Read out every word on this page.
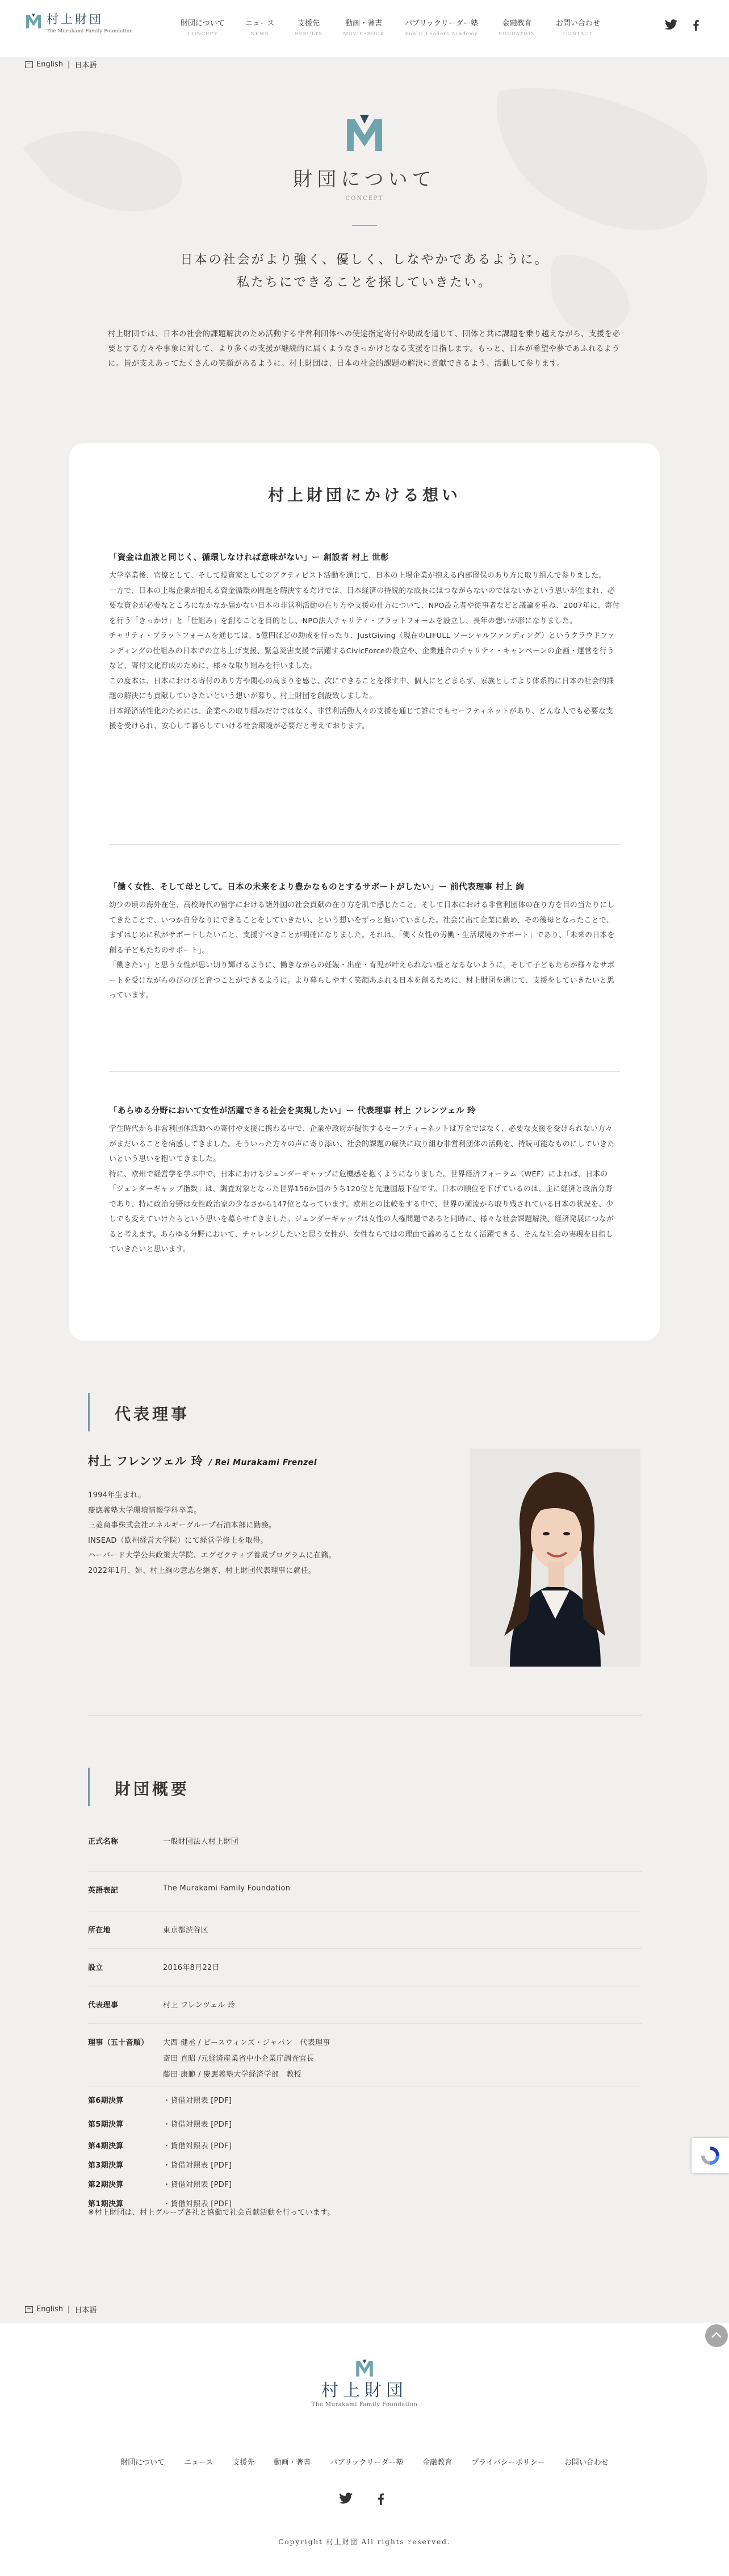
村上財団
The Murakami Family Foundation
財団について
CONCEPT
ニュース
NEWS
支援先
RESULTS
動画・著書
MOVIE•BOOK
パブリックリーダー塾
Public Leaders Academy
金融教育
EDUCATION
お問い合わせ
CONTACT
English | 日本語
財団について
CONCEPT
日本の社会がより強く、優しく、しなやかであるように。
私たちにできることを探していきたい。

村上財団では、日本の社会的課題解決のため活動する非営利団体への使途指定寄付や助成を通じて、団体と共に課題を乗り越えながら、支援を必要とする方々や事象に対して、より多くの支援が継続的に届くようなきっかけとなる支援を目指します。もっと、日本が希望や夢であふれるように。皆が支えあってたくさんの笑顔があるように。村上財団は、日本の社会的課題の解決に貢献できるよう、活動して参ります。

村上財団にかける想い
「資金は血液と同じく、循環しなければ意味がない」ー 創設者 村上 世彰
大学卒業後、官僚として、そして投資家としてのアクティビスト活動を通じて、日本の上場企業が抱える内部留保のあり方に取り組んで参りました。
一方で、日本の上場企業が抱える資金循環の問題を解決するだけでは、日本経済の持続的な成長にはつながらないのではないかという思いが生まれ、必要な資金が必要なところになかなか届かない日本の非営利活動の在り方や支援の仕方について、NPO設立者や従事者などと議論を重ね、2007年に、寄付を行う「きっかけ」と「仕組み」を創ることを目的とし、NPO法人チャリティ・プラットフォームを設立し、長年の想いが形になりました。
チャリティ・プラットフォームを通じては、5億円ほどの助成を行ったり、JustGiving（現在のLIFULL ソーシャルファンディング）というクラウドファンディングの仕組みの日本での立ち上げ支援、緊急災害支援で活躍するCivicForceの設立や、企業連合のチャリティ・キャンペーンの企画・運営を行うなど、寄付文化育成のために、様々な取り組みを行いました。
この度本は、日本における寄付のあり方や関心の高まりを感じ、次にできることを探す中、個人にとどまらず、家族としてより体系的に日本の社会的課題の解決にも貢献していきたいという想いが募り、村上財団を創設致しました。
日本経済活性化のためには、企業への取り組みだけではなく、非営利活動人々の支援を通じて誰にでもセーフティネットがあり、どんな人でも必要な支援を受けられ、安心して暮らしていける社会環境が必要だと考えております。
「働く女性、そして母として。日本の未来をより豊かなものとするサポートがしたい」ー 前代表理事 村上 絢
幼少の頃の海外在住、高校時代の留学における諸外国の社会貢献の在り方を肌で感じたこと。そして日本における非営利団体の在り方を目の当たりにしてきたことで、いつか自分なりにできることをしていきたい、という想いをずっと抱いていました。社会に出て企業に勤め、その後母となったことで、まずはじめに私がサポートしたいこと、支援すべきことが明確になりました。それは、「働く女性の労働・生活環境のサポート」であり、「未来の日本を創る子どもたちのサポート」。
「働きたい」と思う女性が思い切り輝けるように、働きながらの妊娠・出産・育児が叶えられない壁となるないように。そして子どもたちが様々なサポートを受けながらのびのびと育つことができるように。より暮らしやすく笑顔あふれる日本を創るために、村上財団を通じて、支援をしていきたいと思っています。
「あらゆる分野において女性が活躍できる社会を実現したい」ー 代表理事 村上 フレンツェル 玲
学生時代から非営利団体活動への寄付や支援に携わる中で、企業や政府が提供するセーフティーネットは万全ではなく、必要な支援を受けられない方々がまだいることを痛感してきました。そういった方々の声に寄り添い、社会的課題の解決に取り組む非営利団体の活動を、持続可能なものにしていきたいという思いを抱いてきました。
特に、欧州で経営学を学ぶ中で、日本におけるジェンダーギャップに危機感を抱くようになりました。世界経済フォーラム（WEF）によれば、日本の「ジェンダーギャップ指数」は、調査対象となった世界156か国のうち120位と先進国最下位です。日本の順位を下げているのは、主に経済と政治分野であり、特に政治分野は女性政治家の少なさから147位となっています。欧州との比較をする中で、世界の潮流から取り残されている日本の状況を、少しでも変えていけたらという思いを募らせてきました。ジェンダーギャップは女性の人権問題であると同時に、様々な社会課題解決、経済発展につながると考えます。あらゆる分野において、チャレンジしたいと思う女性が、女性ならではの理由で諦めることなく活躍できる、そんな社会の実現を目指していきたいと思います。
代表理事
村上 フレンツェル 玲 / Rei Murakami Frenzel
1994年生まれ。
慶應義塾大学環境情報学科卒業。
三菱商事株式会社エネルギーグループ石油本部に勤務。
INSEAD（欧州経営大学院）にて経営学修士を取得。
ハーバード大学公共政策大学院、エグゼクティブ養成プログラムに在籍。
2022年1月、姉、村上絢の意志を継ぎ、村上財団代表理事に就任。
財団概要
正式名称	一般財団法人村上財団
英語表記	The Murakami Family Foundation
所在地	東京都渋谷区
設立	2016年8月22日
代表理事	村上 フレンツェル 玲
理事（五十音順）	大西 健丞 / ピースウィンズ・ジャパン　代表理事
斎田 直昭 /元経済産業省中小企業庁調査官長
藤田 康範 / 慶應義塾大学経済学部　教授
第6期決算	・貸借対照表 [PDF]
第5期決算	・貸借対照表 [PDF]
第4期決算	・貸借対照表 [PDF]
第3期決算	・貸借対照表 [PDF]
第2期決算	・貸借対照表 [PDF]
第1期決算	・貸借対照表 [PDF]
※村上財団は、村上グループ各社と協働で社会貢献活動を行っています。
English | 日本語
村上財団
The Murakami Family Foundation
財団について	ニュース	支援先	動画・著書	パブリックリーダー塾	金融教育	プライバシーポリシー	お問い合わせ
Copyright 村上財団 All rights reserved.
